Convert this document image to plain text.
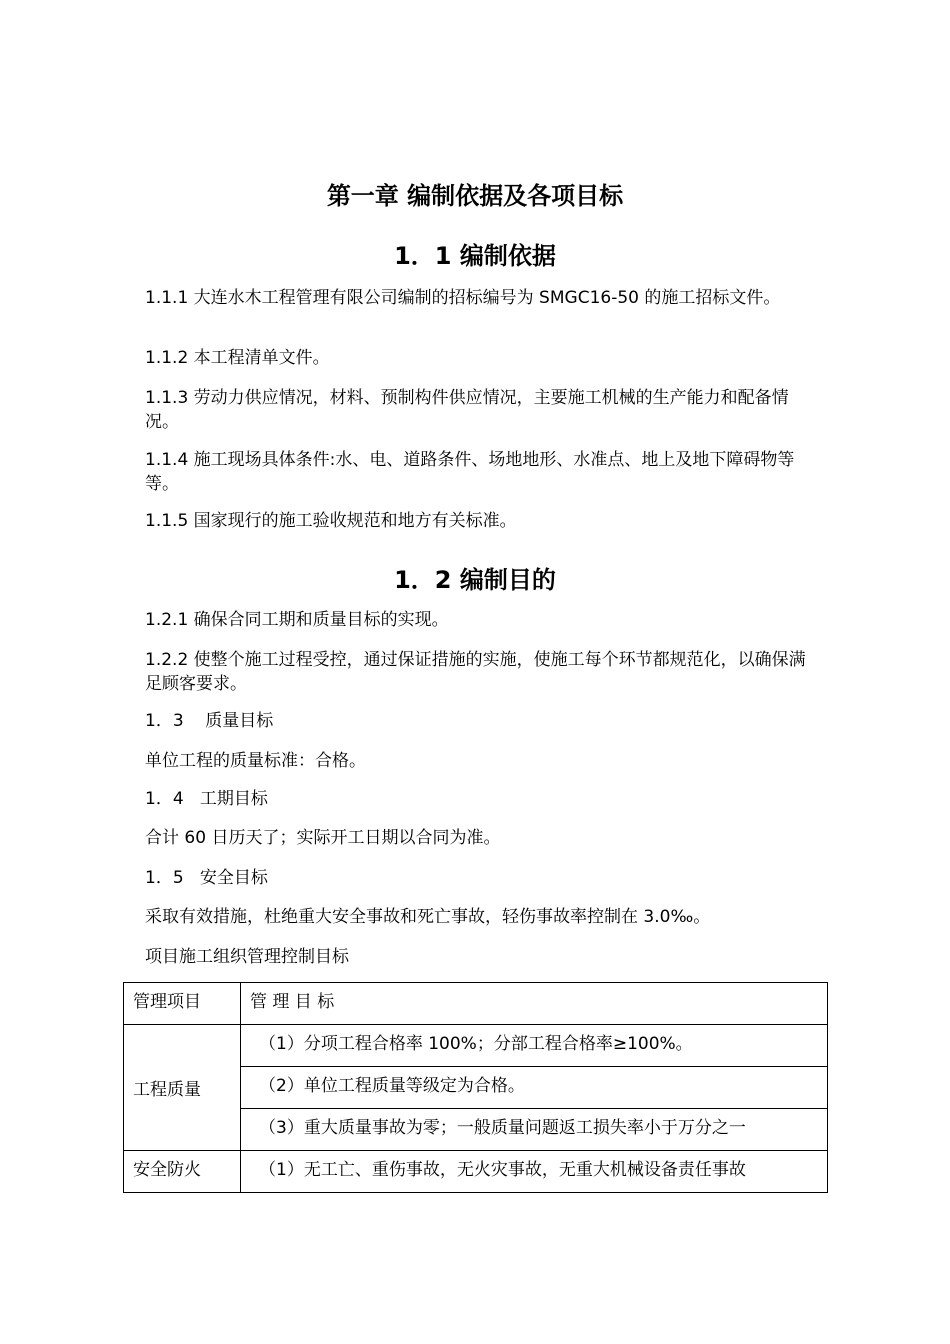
第一章 编制依据及各项目标
1．1 编制依据
1.1.1 大连水木工程管理有限公司编制的招标编号为 SMGC16-50 的施工招标文件。
1.1.2 本工程清单文件。
1.1.3 劳动力供应情况，材料、预制构件供应情况，主要施工机械的生产能力和配备情况。
1.1.4 施工现场具体条件:水、电、道路条件、场地地形、水准点、地上及地下障碍物等等。
1.1.5 国家现行的施工验收规范和地方有关标准。
1．2 编制目的
1.2.1 确保合同工期和质量目标的实现。
1.2.2 使整个施工过程受控，通过保证措施的实施，使施工每个环节都规范化，以确保满足顾客要求。
1．3    质量目标
单位工程的质量标准：合格。
1．4   工期目标
合计 60 日历天了；实际开工日期以合同为准。
1．5   安全目标
采取有效措施，杜绝重大安全事故和死亡事故，轻伤事故率控制在 3.0‰。
项目施工组织管理控制目标
管理项目	管 理 目 标
工程质量	（1）分项工程合格率 100%；分部工程合格率≥100%。
	（2）单位工程质量等级定为合格。
	（3）重大质量事故为零；一般质量问题返工损失率小于万分之一
安全防火	（1）无工亡、重伤事故，无火灾事故，无重大机械设备责任事故
